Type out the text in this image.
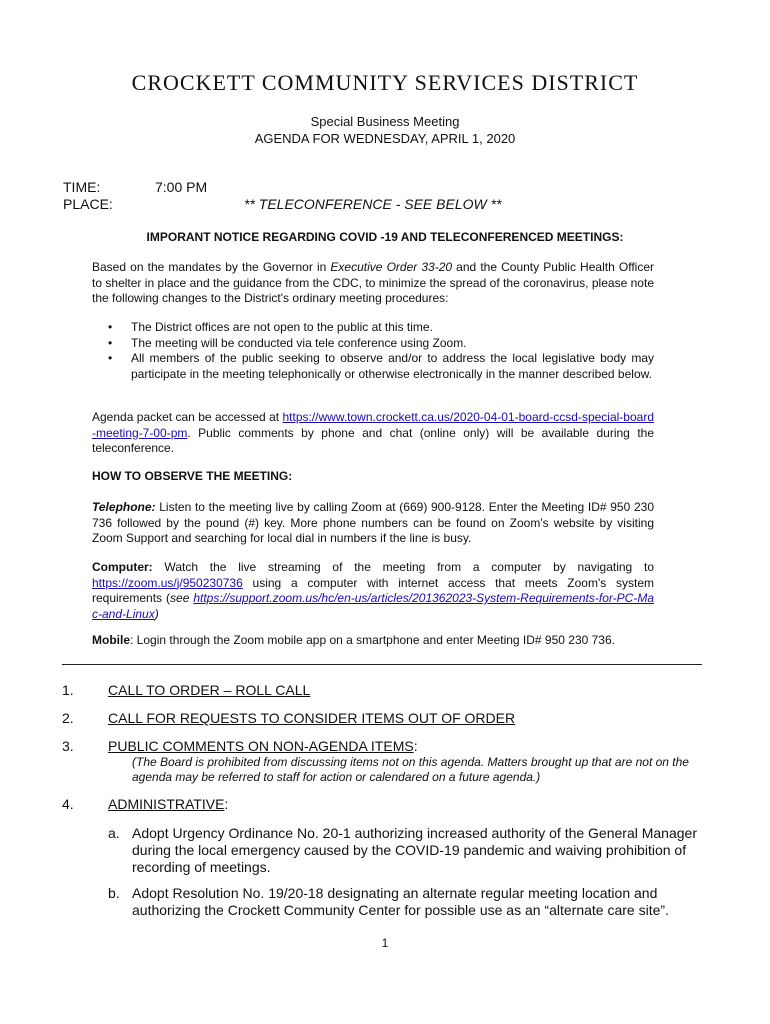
CROCKETT COMMUNITY SERVICES DISTRICT
Special Business Meeting
AGENDA FOR WEDNESDAY, APRIL 1, 2020
TIME:	7:00 PM
PLACE:	** TELECONFERENCE - SEE BELOW **
IMPORANT NOTICE REGARDING COVID -19 AND TELECONFERENCED MEETINGS:
Based on the mandates by the Governor in Executive Order 33-20 and the County Public Health Officer to shelter in place and the guidance from the CDC, to minimize the spread of the coronavirus, please note the following changes to the District's ordinary meeting procedures:
• The District offices are not open to the public at this time.
• The meeting will be conducted via tele conference using Zoom.
• All members of the public seeking to observe and/or to address the local legislative body may participate in the meeting telephonically or otherwise electronically in the manner described below.
Agenda packet can be accessed at https://www.town.crockett.ca.us/2020-04-01-board-ccsd-special-board-meeting-7-00-pm. Public comments by phone and chat (online only) will be available during the teleconference.
HOW TO OBSERVE THE MEETING:
Telephone: Listen to the meeting live by calling Zoom at (669) 900-9128. Enter the Meeting ID# 950 230 736 followed by the pound (#) key. More phone numbers can be found on Zoom's website by visiting Zoom Support and searching for local dial in numbers if the line is busy.
Computer: Watch the live streaming of the meeting from a computer by navigating to https://zoom.us/j/950230736 using a computer with internet access that meets Zoom's system requirements (see https://support.zoom.us/hc/en-us/articles/201362023-System-Requirements-for-PC-Mac-and-Linux)
Mobile: Login through the Zoom mobile app on a smartphone and enter Meeting ID# 950 230 736.
1. CALL TO ORDER – ROLL CALL
2. CALL FOR REQUESTS TO CONSIDER ITEMS OUT OF ORDER
3. PUBLIC COMMENTS ON NON-AGENDA ITEMS:
(The Board is prohibited from discussing items not on this agenda. Matters brought up that are not on the agenda may be referred to staff for action or calendared on a future agenda.)
4. ADMINISTRATIVE:
a. Adopt Urgency Ordinance No. 20-1 authorizing increased authority of the General Manager during the local emergency caused by the COVID-19 pandemic and waiving prohibition of recording of meetings.
b. Adopt Resolution No. 19/20-18 designating an alternate regular meeting location and authorizing the Crockett Community Center for possible use as an “alternate care site”.
1
